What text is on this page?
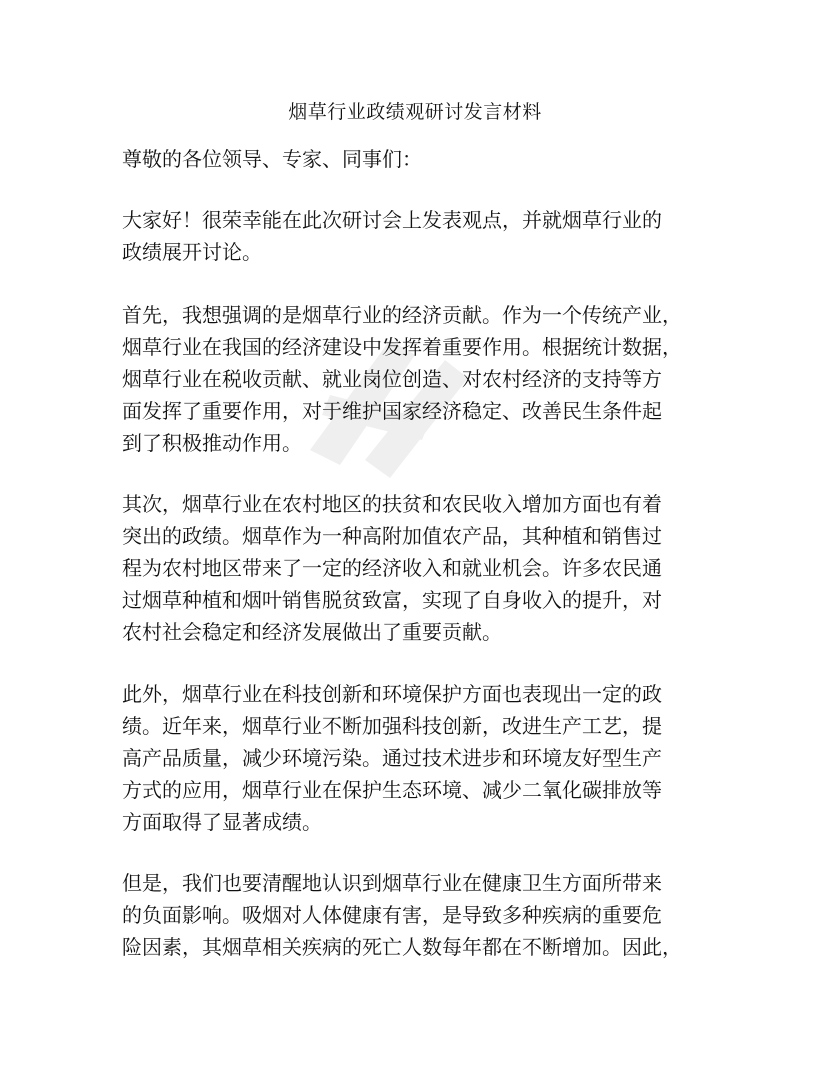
烟草行业政绩观研讨发言材料
尊敬的各位领导、专家、同事们：
大家好！很荣幸能在此次研讨会上发表观点，并就烟草行业的
政绩展开讨论。
首先，我想强调的是烟草行业的经济贡献。作为一个传统产业，
烟草行业在我国的经济建设中发挥着重要作用。根据统计数据，
烟草行业在税收贡献、就业岗位创造、对农村经济的支持等方
面发挥了重要作用，对于维护国家经济稳定、改善民生条件起
到了积极推动作用。
其次，烟草行业在农村地区的扶贫和农民收入增加方面也有着
突出的政绩。烟草作为一种高附加值农产品，其种植和销售过
程为农村地区带来了一定的经济收入和就业机会。许多农民通
过烟草种植和烟叶销售脱贫致富，实现了自身收入的提升，对
农村社会稳定和经济发展做出了重要贡献。
此外，烟草行业在科技创新和环境保护方面也表现出一定的政
绩。近年来，烟草行业不断加强科技创新，改进生产工艺，提
高产品质量，减少环境污染。通过技术进步和环境友好型生产
方式的应用，烟草行业在保护生态环境、减少二氧化碳排放等
方面取得了显著成绩。
但是，我们也要清醒地认识到烟草行业在健康卫生方面所带来
的负面影响。吸烟对人体健康有害，是导致多种疾病的重要危
险因素，其烟草相关疾病的死亡人数每年都在不断增加。因此，
